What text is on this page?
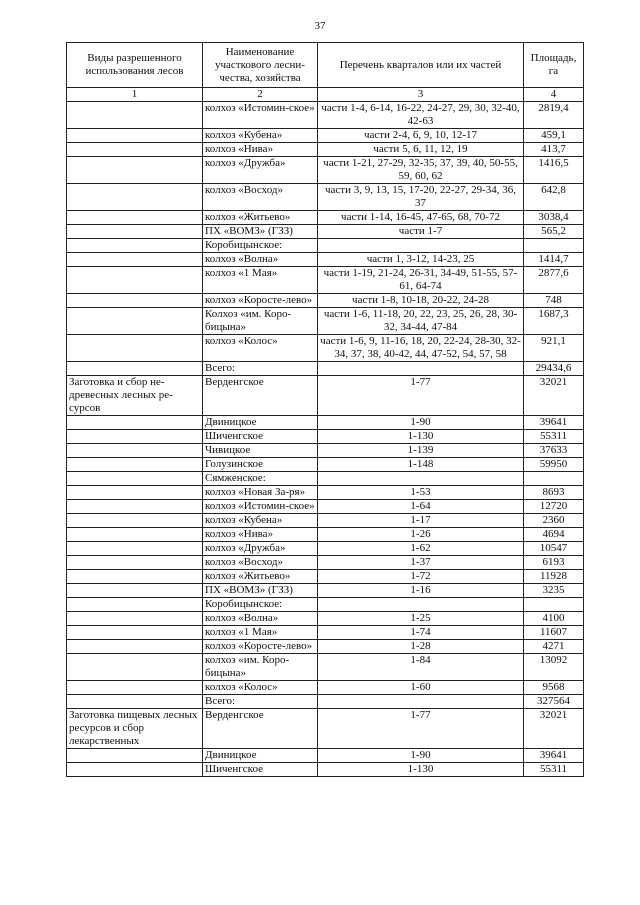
37
Виды разрешенного использования лесов	Наименование участкового лесни-чества, хозяйства	Перечень кварталов или их частей	Площадь, га
1	2	3	4
	колхоз «Истомин-ское»	части 1-4, 6-14, 16-22, 24-27, 29, 30, 32-40, 42-63	2819,4
	колхоз «Кубена»	части 2-4, 6, 9, 10, 12-17	459,1
	колхоз «Нива»	части 5, 6, 11, 12, 19	413,7
	колхоз «Дружба»	части 1-21, 27-29, 32-35, 37, 39, 40, 50-55, 59, 60, 62	1416,5
	колхоз «Восход»	части 3, 9, 13, 15, 17-20, 22-27, 29-34, 36, 37	642,8
	колхоз «Житьево»	части 1-14, 16-45, 47-65, 68, 70-72	3038,4
	ПХ «ВОМЗ» (ГЗЗ)	части 1-7	565,2
	Коробицынское:		
	колхоз «Волна»	части 1, 3-12, 14-23, 25	1414,7
	колхоз «1 Мая»	части 1-19, 21-24, 26-31, 34-49, 51-55, 57-61, 64-74	2877,6
	колхоз «Коросте-лево»	части 1-8, 10-18, 20-22, 24-28	748
	Колхоз «им. Коро-бицына»	части 1-6, 11-18, 20, 22, 23, 25, 26, 28, 30-32, 34-44, 47-84	1687,3
	колхоз «Колос»	части 1-6, 9, 11-16, 18, 20, 22-24, 28-30, 32-34, 37, 38, 40-42, 44, 47-52, 54, 57, 58	921,1
	Всего:		29434,6
Заготовка и сбор не-древесных лесных ре-сурсов	Верденгское	1-77	32021
	Двиницкое	1-90	39641
	Шиченгское	1-130	55311
	Чивицкое	1-139	37633
	Голузинское	1-148	59950
	Сямженское:		
	колхоз «Новая За-ря»	1-53	8693
	колхоз «Истомин-ское»	1-64	12720
	колхоз «Кубена»	1-17	2360
	колхоз «Нива»	1-26	4694
	колхоз «Дружба»	1-62	10547
	колхоз «Восход»	1-37	6193
	колхоз «Житьево»	1-72	11928
	ПХ «ВОМЗ» (ГЗЗ)	1-16	3235
	Коробицынское:		
	колхоз «Волна»	1-25	4100
	колхоз «1 Мая»	1-74	11607
	колхоз «Коросте-лево»	1-28	4271
	колхоз «им. Коро-бицына»	1-84	13092
	колхоз «Колос»	1-60	9568
	Всего:		327564
Заготовка пищевых лесных ресурсов и сбор лекарственных	Верденгское	1-77	32021
	Двиницкое	1-90	39641
	Шиченгское	1-130	55311
